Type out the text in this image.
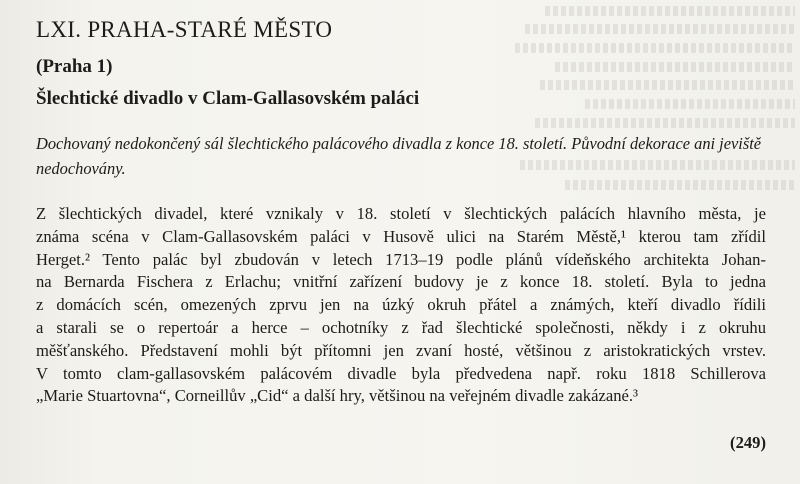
LXI. PRAHA-STARÉ MĚSTO
(Praha 1)
Šlechtické divadlo v Clam-Gallasovském paláci

Dochovaný nedokončený sál šlechtického palácového divadla z konce 18. století. Původní dekorace ani jeviště nedochovány.

Z šlechtických divadel, které vznikaly v 18. století v šlechtických palácích hlavního města, je
známa scéna v Clam-Gallasovském paláci v Husově ulici na Starém Městě,¹ kterou tam zřídil
Herget.² Tento palác byl zbudován v letech 1713–19 podle plánů vídeňského architekta Johan-
na Bernarda Fischera z Erlachu; vnitřní zařízení budovy je z konce 18. století. Byla to jedna
z domácích scén, omezených zprvu jen na úzký okruh přátel a známých, kteří divadlo řídili
a starali se o repertoár a herce – ochotníky z řad šlechtické společnosti, někdy i z okruhu
měšťanského. Představení mohli být přítomni jen zvaní hosté, většinou z aristokratických vrstev.
V tomto clam-gallasovském palácovém divadle byla předvedena např. roku 1818 Schillerova
„Marie Stuartovna“, Corneillův „Cid“ a další hry, většinou na veřejném divadle zakázané.³

(249)
